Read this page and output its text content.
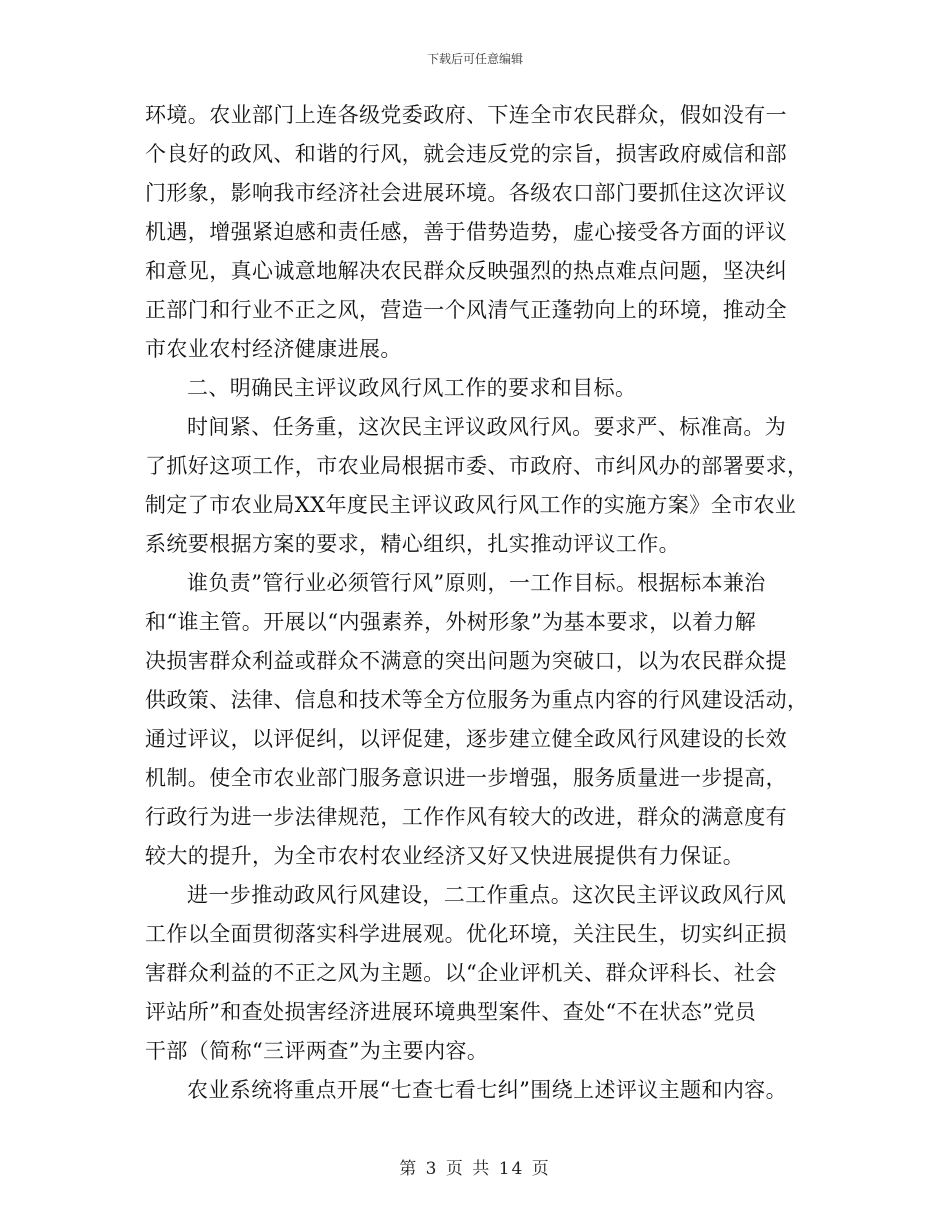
下载后可任意编辑
环境。农业部门上连各级党委政府、下连全市农民群众，假如没有一
个良好的政风、和谐的行风，就会违反党的宗旨，损害政府威信和部
门形象，影响我市经济社会进展环境。各级农口部门要抓住这次评议
机遇，增强紧迫感和责任感，善于借势造势，虚心接受各方面的评议
和意见，真心诚意地解决农民群众反映强烈的热点难点问题，坚决纠
正部门和行业不正之风，营造一个风清气正蓬勃向上的环境，推动全
市农业农村经济健康进展。
二、明确民主评议政风行风工作的要求和目标。
时间紧、任务重，这次民主评议政风行风。要求严、标准高。为
了抓好这项工作，市农业局根据市委、市政府、市纠风办的部署要求，
制定了市农业局XX年度民主评议政风行风工作的实施方案》全市农业
系统要根据方案的要求，精心组织，扎实推动评议工作。
谁负责”管行业必须管行风”原则，一工作目标。根据标本兼治
和“谁主管。开展以“内强素养，外树形象”为基本要求，以着力解
决损害群众利益或群众不满意的突出问题为突破口，以为农民群众提
供政策、法律、信息和技术等全方位服务为重点内容的行风建设活动，
通过评议，以评促纠，以评促建，逐步建立健全政风行风建设的长效
机制。使全市农业部门服务意识进一步增强，服务质量进一步提高，
行政行为进一步法律规范，工作作风有较大的改进，群众的满意度有
较大的提升，为全市农村农业经济又好又快进展提供有力保证。
进一步推动政风行风建设，二工作重点。这次民主评议政风行风
工作以全面贯彻落实科学进展观。优化环境，关注民生，切实纠正损
害群众利益的不正之风为主题。以“企业评机关、群众评科长、社会
评站所”和查处损害经济进展环境典型案件、查处“不在状态”党员
干部（简称“三评两查”为主要内容。
农业系统将重点开展“七查七看七纠”围绕上述评议主题和内容。
第 3 页 共 14 页
